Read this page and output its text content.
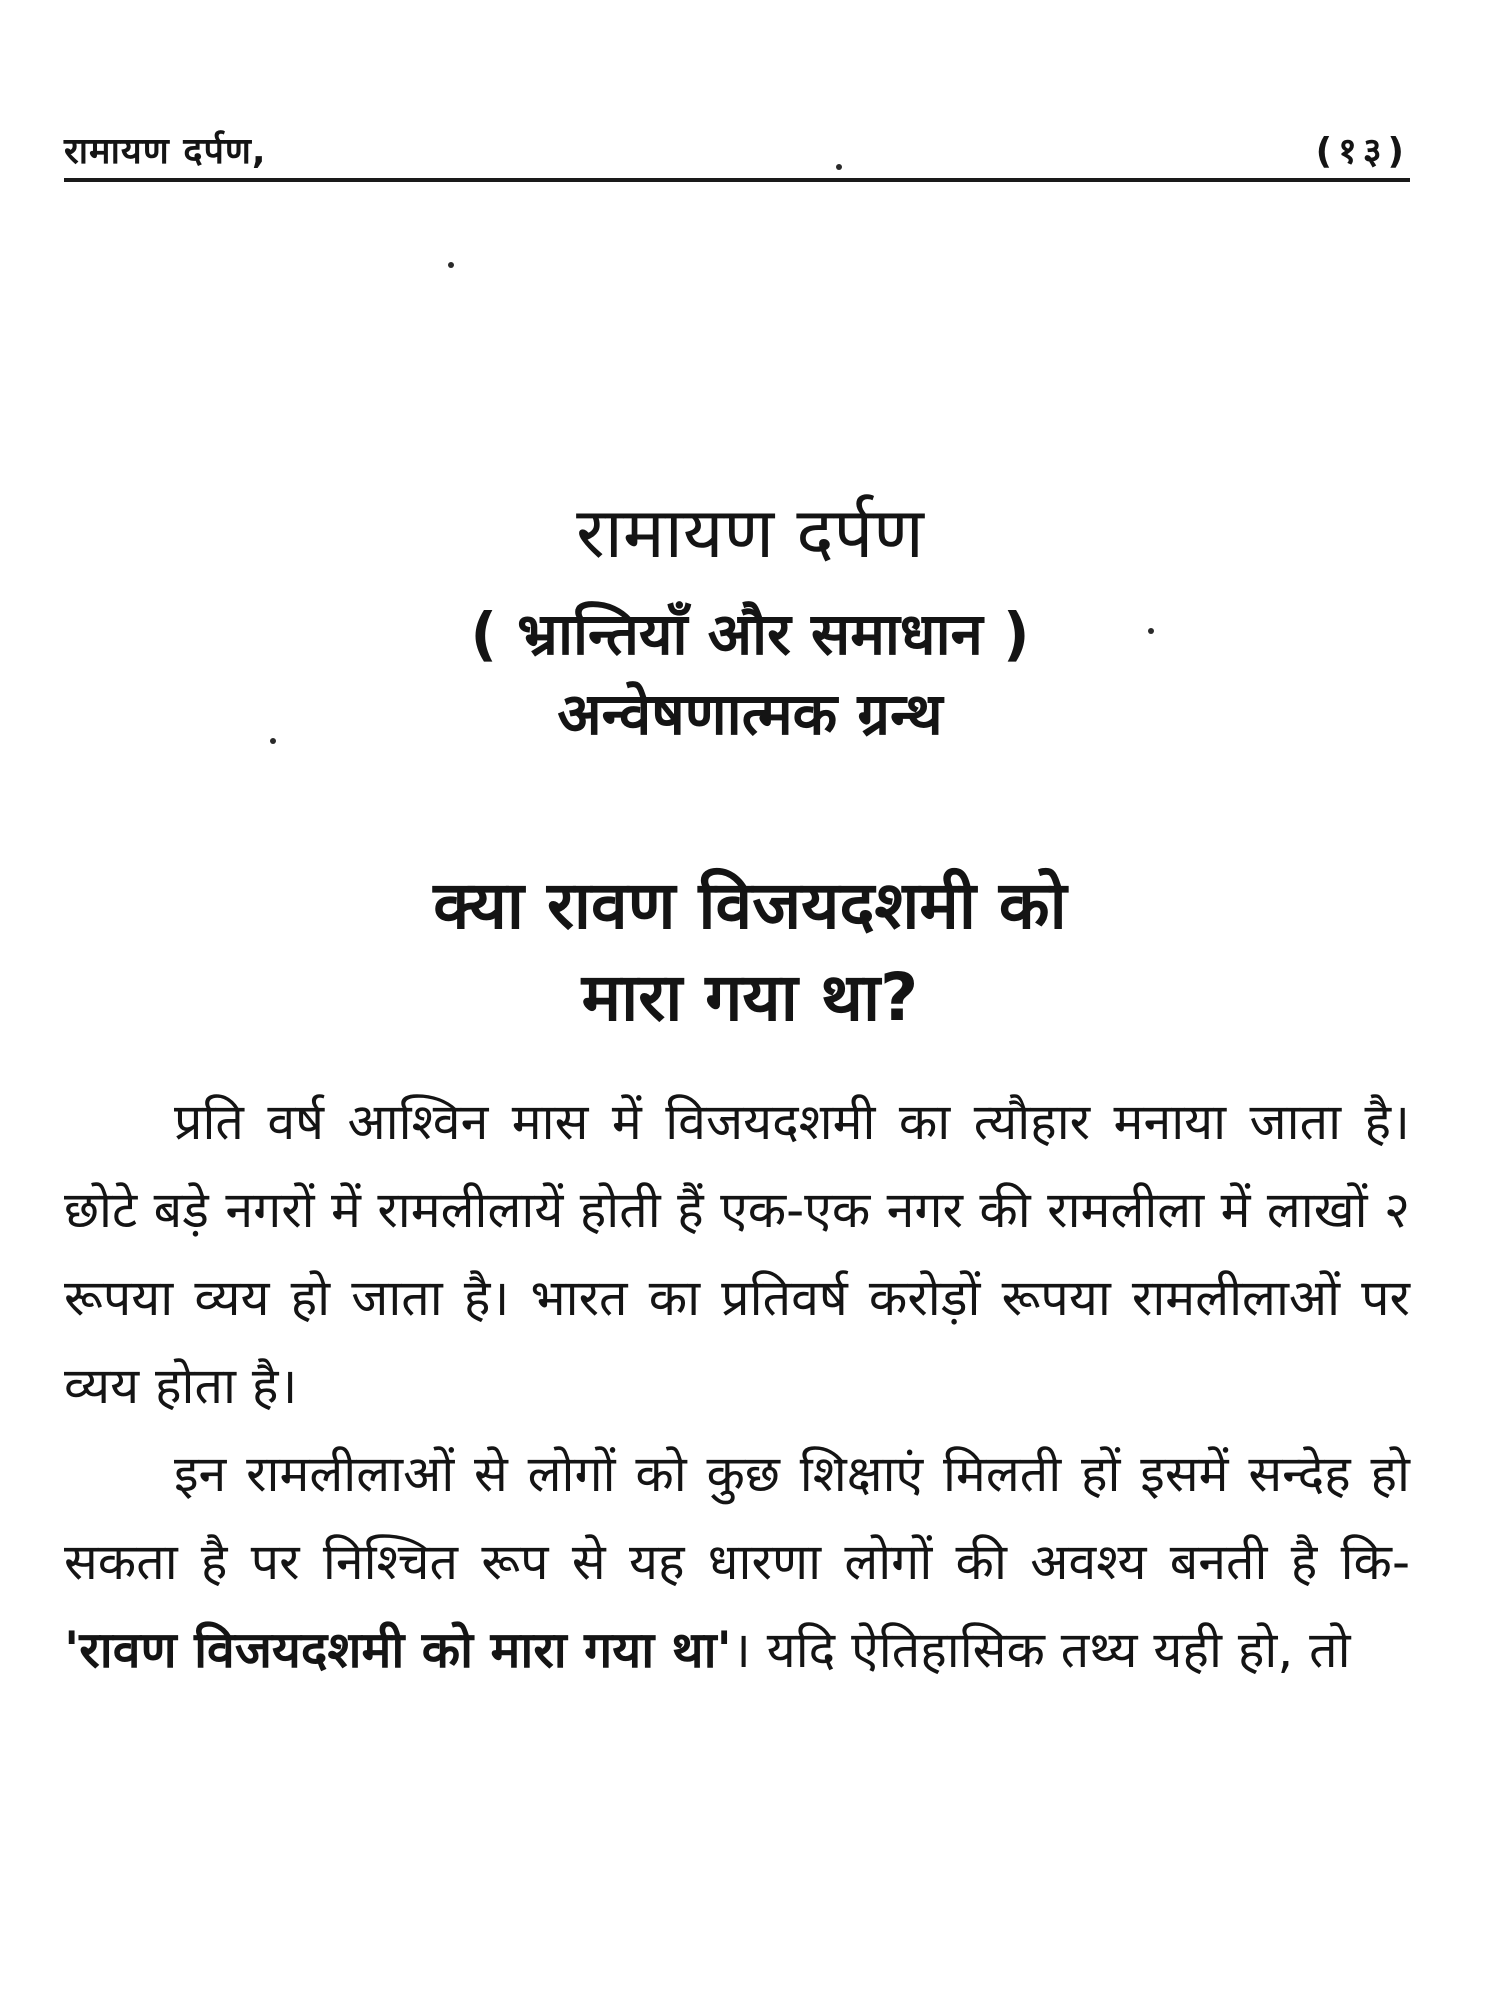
रामायण दर्पण,	(१३)
रामायण दर्पण
( भ्रान्तियाँ और समाधान )
अन्वेषणात्मक ग्रन्थ
क्या रावण विजयदशमी को
मारा गया था?

प्रति वर्ष आश्विन मास में विजयदशमी का त्यौहार मनाया जाता है। छोटे बड़े नगरों में रामलीलायें होती हैं एक-एक नगर की रामलीला में लाखों २ रूपया व्यय हो जाता है। भारत का प्रतिवर्ष करोड़ों रूपया रामलीलाओं पर व्यय होता है।

इन रामलीलाओं से लोगों को कुछ शिक्षाएं मिलती हों इसमें सन्देह हो सकता है पर निश्चित रूप से यह धारणा लोगों की अवश्य बनती है कि-'रावण विजयदशमी को मारा गया था'। यदि ऐतिहासिक तथ्य यही हो, तो
